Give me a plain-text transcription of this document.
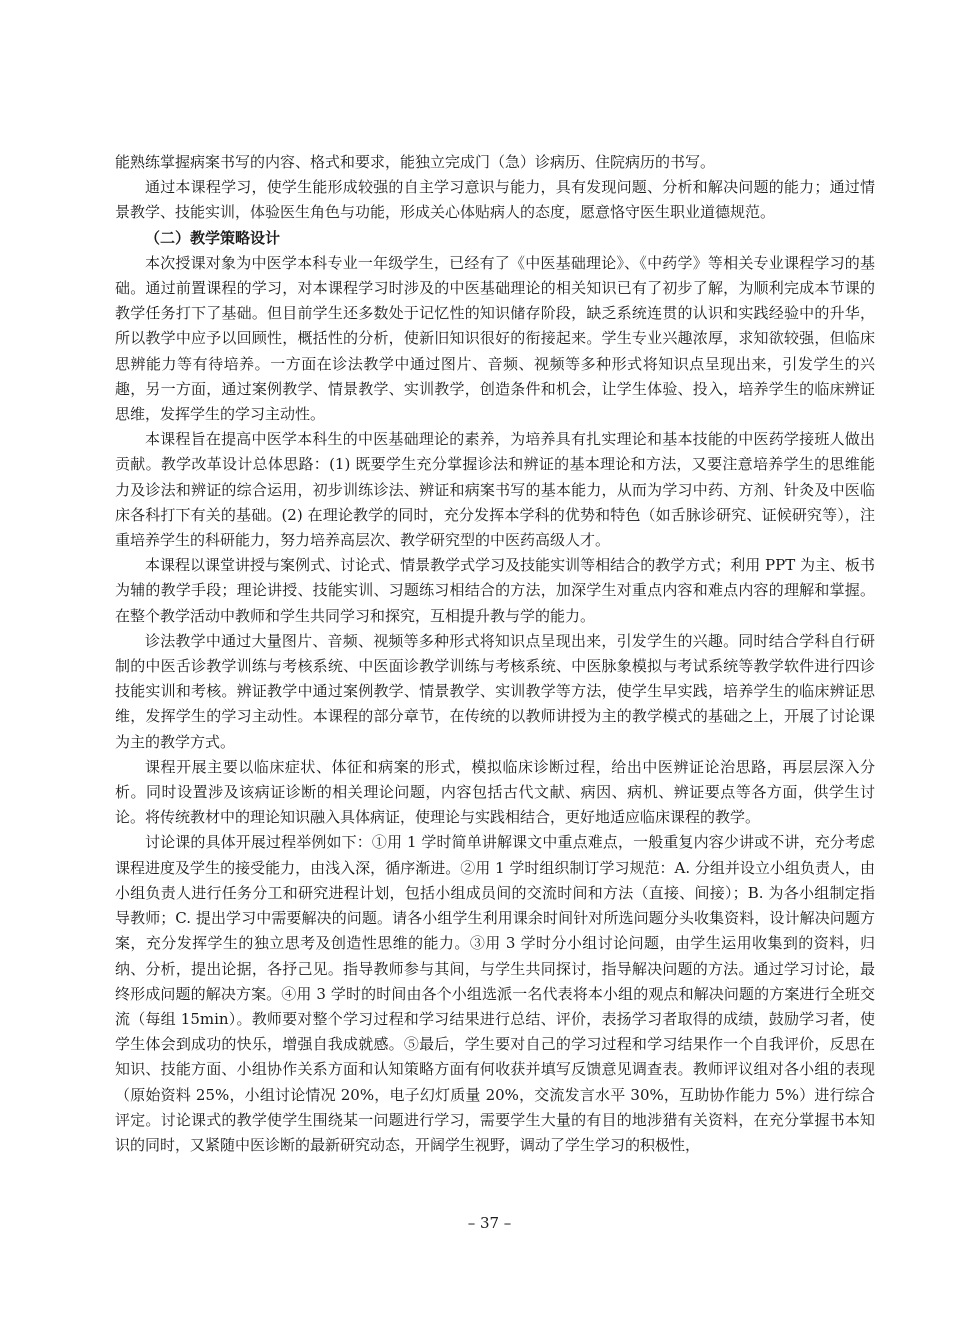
能熟练掌握病案书写的内容、格式和要求，能独立完成门（急）诊病历、住院病历的书写。

通过本课程学习，使学生能形成较强的自主学习意识与能力，具有发现问题、分析和解决问题的能力；通过情景教学、技能实训，体验医生角色与功能，形成关心体贴病人的态度，愿意恪守医生职业道德规范。

（二）教学策略设计

本次授课对象为中医学本科专业一年级学生，已经有了《中医基础理论》、《中药学》等相关专业课程学习的基础。通过前置课程的学习，对本课程学习时涉及的中医基础理论的相关知识已有了初步了解，为顺利完成本节课的教学任务打下了基础。但目前学生还多数处于记忆性的知识储存阶段，缺乏系统连贯的认识和实践经验中的升华，所以教学中应予以回顾性，概括性的分析，使新旧知识很好的衔接起来。学生专业兴趣浓厚，求知欲较强，但临床思辨能力等有待培养。一方面在诊法教学中通过图片、音频、视频等多种形式将知识点呈现出来，引发学生的兴趣，另一方面，通过案例教学、情景教学、实训教学，创造条件和机会，让学生体验、投入，培养学生的临床辨证思维，发挥学生的学习主动性。

本课程旨在提高中医学本科生的中医基础理论的素养，为培养具有扎实理论和基本技能的中医药学接班人做出贡献。教学改革设计总体思路：(1) 既要学生充分掌握诊法和辨证的基本理论和方法，又要注意培养学生的思维能力及诊法和辨证的综合运用，初步训练诊法、辨证和病案书写的基本能力，从而为学习中药、方剂、针灸及中医临床各科打下有关的基础。(2) 在理论教学的同时，充分发挥本学科的优势和特色（如舌脉诊研究、证候研究等），注重培养学生的科研能力，努力培养高层次、教学研究型的中医药高级人才。

本课程以课堂讲授与案例式、讨论式、情景教学式学习及技能实训等相结合的教学方式；利用 PPT 为主、板书为辅的教学手段；理论讲授、技能实训、习题练习相结合的方法，加深学生对重点内容和难点内容的理解和掌握。在整个教学活动中教师和学生共同学习和探究，互相提升教与学的能力。

诊法教学中通过大量图片、音频、视频等多种形式将知识点呈现出来，引发学生的兴趣。同时结合学科自行研制的中医舌诊教学训练与考核系统、中医面诊教学训练与考核系统、中医脉象模拟与考试系统等教学软件进行四诊技能实训和考核。辨证教学中通过案例教学、情景教学、实训教学等方法，使学生早实践，培养学生的临床辨证思维，发挥学生的学习主动性。本课程的部分章节，在传统的以教师讲授为主的教学模式的基础之上，开展了讨论课为主的教学方式。

课程开展主要以临床症状、体征和病案的形式，模拟临床诊断过程，给出中医辨证论治思路，再层层深入分析。同时设置涉及该病证诊断的相关理论问题，内容包括古代文献、病因、病机、辨证要点等各方面，供学生讨论。将传统教材中的理论知识融入具体病证，使理论与实践相结合，更好地适应临床课程的教学。

讨论课的具体开展过程举例如下：①用 1 学时简单讲解课文中重点难点，一般重复内容少讲或不讲，充分考虑课程进度及学生的接受能力，由浅入深，循序渐进。②用 1 学时组织制订学习规范：A. 分组并设立小组负责人，由小组负责人进行任务分工和研究进程计划，包括小组成员间的交流时间和方法（直接、间接）；B. 为各小组制定指导教师；C. 提出学习中需要解决的问题。请各小组学生利用课余时间针对所选问题分头收集资料，设计解决问题方案，充分发挥学生的独立思考及创造性思维的能力。③用 3 学时分小组讨论问题，由学生运用收集到的资料，归纳、分析，提出论据，各抒己见。指导教师参与其间，与学生共同探讨，指导解决问题的方法。通过学习讨论，最终形成问题的解决方案。④用 3 学时的时间由各个小组选派一名代表将本小组的观点和解决问题的方案进行全班交流（每组 15min）。教师要对整个学习过程和学习结果进行总结、评价，表扬学习者取得的成绩，鼓励学习者，使学生体会到成功的快乐，增强自我成就感。⑤最后，学生要对自己的学习过程和学习结果作一个自我评价，反思在知识、技能方面、小组协作关系方面和认知策略方面有何收获并填写反馈意见调查表。教师评议组对各小组的表现（原始资料 25%，小组讨论情况 20%，电子幻灯质量 20%，交流发言水平 30%，互助协作能力 5%）进行综合评定。讨论课式的教学使学生围绕某一问题进行学习，需要学生大量的有目的地涉猎有关资料，在充分掌握书本知识的同时，又紧随中医诊断的最新研究动态，开阔学生视野，调动了学生学习的积极性，

– 37 –
